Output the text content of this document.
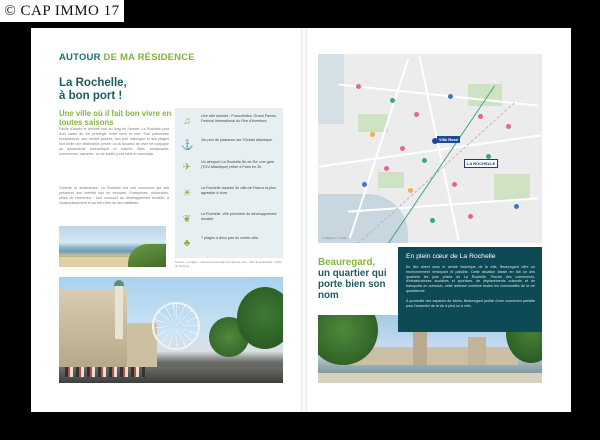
© CAP IMMO 17
AUTOUR DE MA RÉSIDENCE
La Rochelle,
à bon port !
Une ville où il fait bon vivre en toutes saisons
Facile d'accès et animée tout au long de l'année, La Rochelle jouit d'un cadre de vie privilégié entre terre et mer. Son patrimoine exceptionnel, ses ruelles pavées, son port historique et ses plages font d'elle une destination prisée, où la douceur de vivre se conjugue au dynamisme économique et culturel. Bars, restaurants, commerces, marchés : la vie locale y est riche et conviviale.
Ouverte et audacieuse, La Rochelle est une commune qui sait préserver son identité tout en innovant. Entreprises, universités, pôles de recherche : tout concourt au développement durable, à l'épanouissement et au bien-être de ses habitants.
♫	Une ville animée : Francofolies, Grand Pavois, Festival International du Film d'Aventure.
⚓ 1er port de plaisance sur l'Océan atlantique.
✈	Un aéroport La Rochelle-Île-de-Ré, une gare (TGV Atlantique) reliée à Paris en 3h.
☀	La Rochelle classée 3e ville de France la plus agréable à vivre.
❦	La Rochelle, ville pionnière du développement durable.
♣	7 plages à deux pas du centre-ville.
Sources : Le Figaro – Classement des villes où il fait bon vivre – Ville de La Rochelle – Office de Tourisme.
Ville Rose
LA ROCHELLE
© Mapbox © OSM
Beauregard,
un quartier qui porte bien son nom
En plein cœur de La Rochelle
En lien direct avec le centre historique de la ville, Beauregard offre un environnement verdoyant et paisible. Cette situation idéale en fait un des quartiers les plus prisés de La Rochelle. Proche des commerces, d'infrastructures scolaires et sportives, de déplacements culturels et de transports en commun, cette adresse combine toutes les commodités de la vie quotidienne.
À proximité des espaces de loisirs, Beauregard profite d'une connexion parfaite pour l'essentiel de la vie à pied ou à vélo.
